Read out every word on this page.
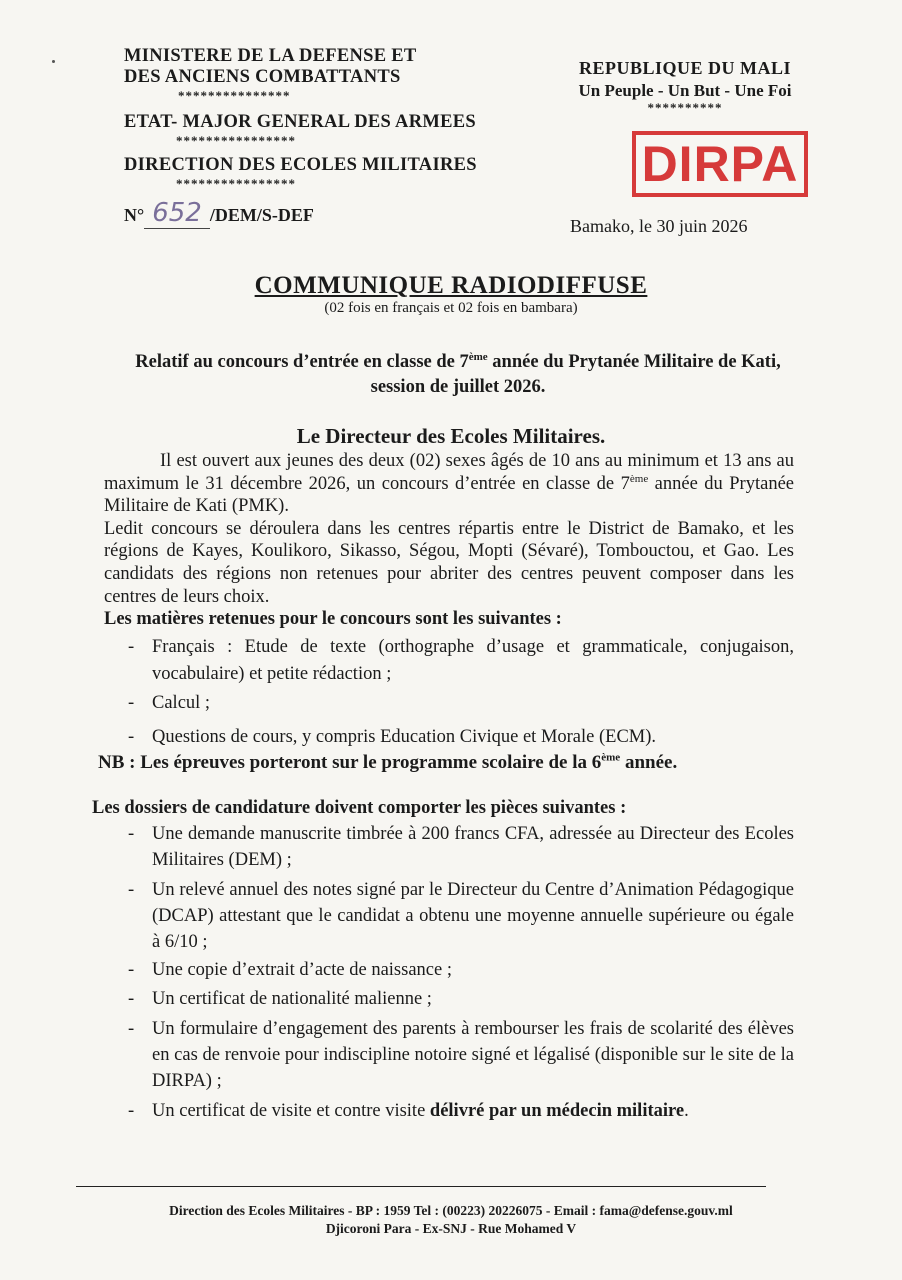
MINISTERE DE LA DEFENSE ET
DES ANCIENS COMBATTANTS
***************
ETAT- MAJOR GENERAL DES ARMEES
****************
DIRECTION DES ECOLES MILITAIRES
****************
N° 652 /DEM/S-DEF
REPUBLIQUE DU MALI
Un Peuple - Un But - Une Foi
**********
DIRPA
Bamako, le 30 juin 2026
COMMUNIQUE RADIODIFFUSE
(02 fois en français et 02 fois en bambara)
Relatif au concours d’entrée en classe de 7ème année du Prytanée Militaire de Kati, session de juillet 2026.
Le Directeur des Ecoles Militaires.

Il est ouvert aux jeunes des deux (02) sexes âgés de 10 ans au minimum et 13 ans au maximum le 31 décembre 2026, un concours d’entrée en classe de 7ème année du Prytanée Militaire de Kati (PMK).

Ledit concours se déroulera dans les centres répartis entre le District de Bamako, et les régions de Kayes, Koulikoro, Sikasso, Ségou, Mopti (Sévaré), Tombouctou, et Gao. Les candidats des régions non retenues pour abriter des centres peuvent composer dans les centres de leurs choix.

Les matières retenues pour le concours sont les suivantes :

- Français : Etude de texte (orthographe d’usage et grammaticale, conjugaison, vocabulaire) et petite rédaction ;
- Calcul ;
- Questions de cours, y compris Education Civique et Morale (ECM).

NB : Les épreuves porteront sur le programme scolaire de la 6ème année.

Les dossiers de candidature doivent comporter les pièces suivantes :

- Une demande manuscrite timbrée à 200 francs CFA, adressée au Directeur des Ecoles Militaires (DEM) ;
- Un relevé annuel des notes signé par le Directeur du Centre d’Animation Pédagogique (DCAP) attestant que le candidat a obtenu une moyenne annuelle supérieure ou égale à 6/10 ;
- Une copie d’extrait d’acte de naissance ;
- Un certificat de nationalité malienne ;
- Un formulaire d’engagement des parents à rembourser les frais de scolarité des élèves en cas de renvoie pour indiscipline notoire signé et légalisé (disponible sur le site de la DIRPA) ;
- Un certificat de visite et contre visite délivré par un médecin militaire.
Direction des Ecoles Militaires - BP : 1959 Tel : (00223) 20226075 - Email : fama@defense.gouv.ml
Djicoroni Para - Ex-SNJ - Rue Mohamed V
